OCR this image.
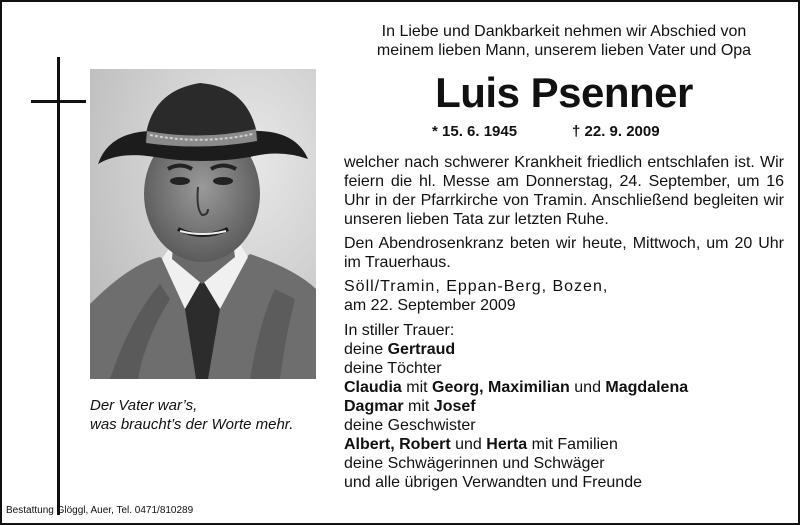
Der Vater war’s,
was braucht’s der Worte mehr.
Bestattung Glöggl, Auer, Tel. 0471/810289
In Liebe und Dankbarkeit nehmen wir Abschied von
meinem lieben Mann, unserem lieben Vater und Opa
Luis Psenner
* 15. 6. 1945	† 22. 9. 2009

welcher nach schwerer Krankheit friedlich entschlafen ist. Wir feiern die hl. Messe am Donnerstag, 24. September, um 16 Uhr in der Pfarrkirche von Tramin. Anschließend begleiten wir unseren lieben Tata zur letzten Ruhe.

Den Abendrosenkranz beten wir heute, Mittwoch, um 20 Uhr im Trauerhaus.

Söll/Tramin, Eppan-Berg, Bozen,

am 22. September 2009

In stiller Trauer:
deine Gertraud
deine Töchter
Claudia mit Georg, Maximilian und Magdalena
Dagmar mit Josef
deine Geschwister
Albert, Robert und Herta mit Familien
deine Schwägerinnen und Schwäger
und alle übrigen Verwandten und Freunde
